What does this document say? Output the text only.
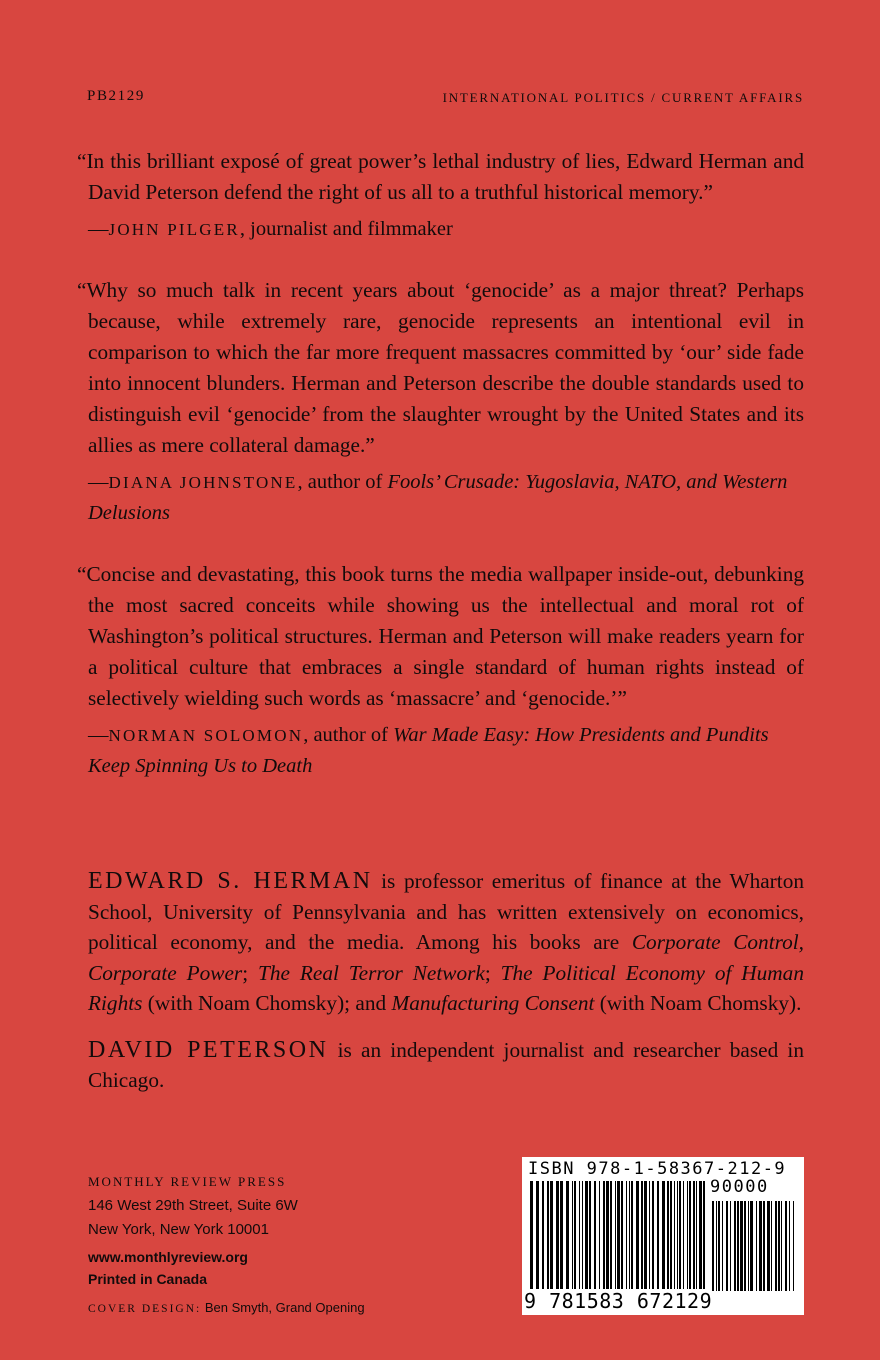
PB2129	INTERNATIONAL POLITICS / CURRENT AFFAIRS

“In this brilliant exposé of great power’s lethal industry of lies, Edward Herman and David Peterson defend the right of us all to a truthful historical memory.”

—JOHN PILGER, journalist and filmmaker

“Why so much talk in recent years about ‘genocide’ as a major threat? Perhaps because, while extremely rare, genocide represents an intentional evil in comparison to which the far more frequent massacres committed by ‘our’ side fade into innocent blunders. Herman and Peterson describe the double standards used to distinguish evil ‘genocide’ from the slaughter wrought by the United States and its allies as mere collateral damage.”

—DIANA JOHNSTONE, author of Fools’ Crusade: Yugoslavia, NATO, and Western Delusions

“Concise and devastating, this book turns the media wallpaper inside-out, debunking the most sacred conceits while showing us the intellectual and moral rot of Washington’s political structures. Herman and Peterson will make readers yearn for a political culture that embraces a single standard of human rights instead of selectively wielding such words as ‘massacre’ and ‘genocide.’”

—NORMAN SOLOMON, author of War Made Easy: How Presidents and Pundits Keep Spinning Us to Death

EDWARD S. HERMAN is professor emeritus of finance at the Wharton School, University of Pennsylvania and has written extensively on economics, political economy, and the media. Among his books are Corporate Control, Corporate Power; The Real Terror Network; The Political Economy of Human Rights (with Noam Chomsky); and Manufacturing Consent (with Noam Chomsky).

DAVID PETERSON is an independent journalist and researcher based in Chicago.

MONTHLY REVIEW PRESS
146 West 29th Street, Suite 6W
New York, New York 10001
www.monthlyreview.org
Printed in Canada
COVER DESIGN: Ben Smyth, Grand Opening
ISBN 978-1-58367-212-9
90000
9 781583 672129
